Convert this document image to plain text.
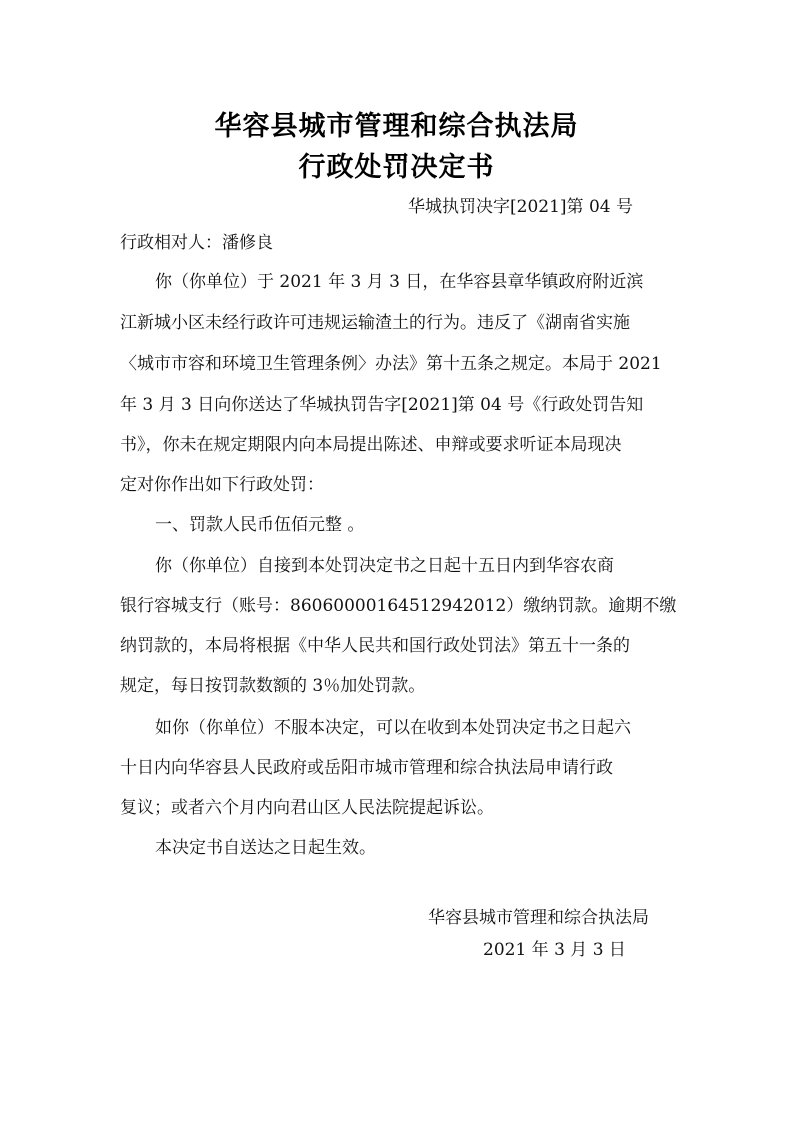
华容县城市管理和综合执法局
行政处罚决定书
华城执罚决字[2021]第 04 号
行政相对人：潘修良
你（你单位）于 2021 年 3 月 3 日，在华容县章华镇政府附近滨
江新城小区未经行政许可违规运输渣土的行为。违反了《湖南省实施
〈城市市容和环境卫生管理条例〉办法》第十五条之规定。本局于 2021
年 3 月 3 日向你送达了华城执罚告字[2021]第 04 号《行政处罚告知
书》，你未在规定期限内向本局提出陈述、申辩或要求听证本局现决
定对你作出如下行政处罚：
一、罚款人民币伍佰元整 。
你（你单位）自接到本处罚决定书之日起十五日内到华容农商
银行容城支行（账号：86060000164512942012）缴纳罚款。逾期不缴
纳罚款的，本局将根据《中华人民共和国行政处罚法》第五十一条的
规定，每日按罚款数额的 3％加处罚款。
如你（你单位）不服本决定，可以在收到本处罚决定书之日起六
十日内向华容县人民政府或岳阳市城市管理和综合执法局申请行政
复议；或者六个月内向君山区人民法院提起诉讼。
本决定书自送达之日起生效。
华容县城市管理和综合执法局
2021 年 3 月 3 日
